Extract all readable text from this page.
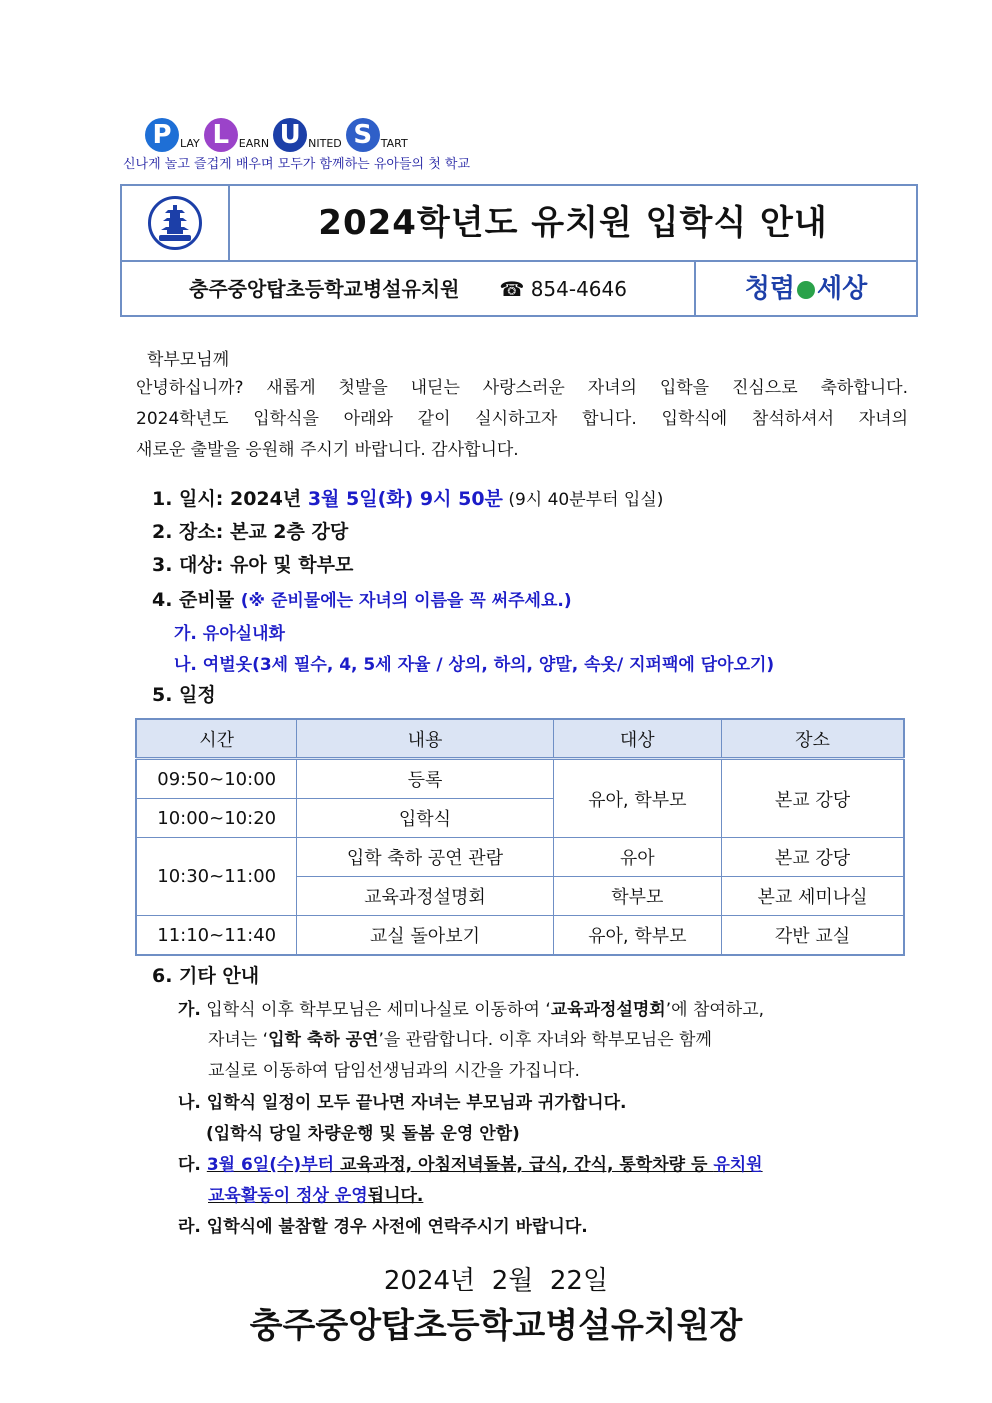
P LAY L EARN U NITED S TART
신나게 놀고 즐겁게 배우며 모두가 함께하는 유아들의 첫 학교
2024학년도 유치원 입학식 안내
충주중앙탑초등학교병설유치원 ☎ 854-4646	청렴 세상
학부모님께
안녕하십니까? 새롭게 첫발을 내딛는 사랑스러운 자녀의 입학을 진심으로 축하합니다.
2024학년도 입학식을 아래와 같이 실시하고자 합니다. 입학식에 참석하셔서 자녀의
새로운 출발을 응원해 주시기 바랍니다. 감사합니다.
1. 일시: 2024년 3월 5일(화) 9시 50분 (9시 40분부터 입실)
2. 장소: 본교 2층 강당
3. 대상: 유아 및 학부모
4. 준비물 (※ 준비물에는 자녀의 이름을 꼭 써주세요.)
가. 유아실내화
나. 여벌옷(3세 필수, 4, 5세 자율 / 상의, 하의, 양말, 속옷/ 지퍼팩에 담아오기)
5. 일정
시간	내용	대상	장소
09:50~10:00	등록	유아, 학부모	본교 강당
10:00~10:20	입학식		
10:30~11:00	입학 축하 공연 관람	유아	본교 강당
	교육과정설명회	학부모	본교 세미나실
11:10~11:40	교실 돌아보기	유아, 학부모	각반 교실
6. 기타 안내
가. 입학식 이후 학부모님은 세미나실로 이동하여 ‘교육과정설명회’에 참여하고,
자녀는 ‘입학 축하 공연’을 관람합니다. 이후 자녀와 학부모님은 함께
교실로 이동하여 담임선생님과의 시간을 가집니다.
나. 입학식 일정이 모두 끝나면 자녀는 부모님과 귀가합니다.
(입학식 당일 차량운행 및 돌봄 운영 안함)
다. 3월 6일(수)부터 교육과정, 아침저녁돌봄, 급식, 간식, 통학차량 등 유치원
교육활동이 정상 운영됩니다.
라. 입학식에 불참할 경우 사전에 연락주시기 바랍니다.
2024년  2월  22일
충주중앙탑초등학교병설유치원장
